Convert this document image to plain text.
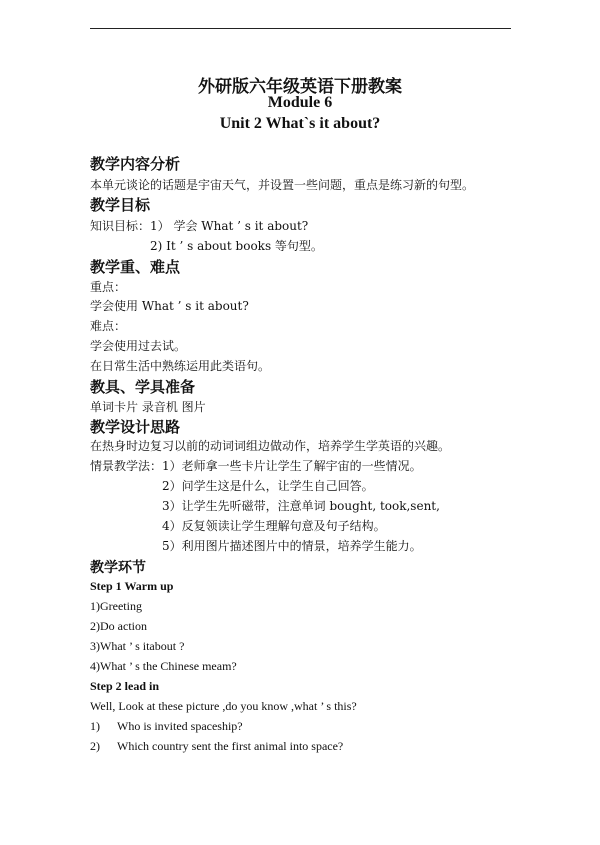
外研版六年级英语下册教案
Module 6
Unit 2 What`s it about?
教学内容分析
本单元谈论的话题是宇宙天气，并设置一些问题，重点是练习新的句型。
教学目标
知识目标：1） 学会 What ’ s it about?
2) It ’ s about books 等句型。
教学重、难点
重点：
学会使用 What ’ s it about?
难点：
学会使用过去试。
在日常生活中熟练运用此类语句。
教具、学具准备
单词卡片 录音机 图片
教学设计思路
在热身时边复习以前的动词词组边做动作，培养学生学英语的兴趣。
情景教学法：1）老师拿一些卡片让学生了解宇宙的一些情况。
2）问学生这是什么，让学生自己回答。
3）让学生先听磁带，注意单词 bought, took,sent,
4）反复领读让学生理解句意及句子结构。
5）利用图片描述图片中的情景，培养学生能力。
教学环节
Step 1 Warm up
1)Greeting
2)Do action
3)What ’ s itabout ?
4)What ’ s the Chinese meam?
Step 2 lead in
Well, Look at these picture ,do you know ,what ’ s this?
1) Who is invited spaceship?
2) Which country sent the first animal into space?
